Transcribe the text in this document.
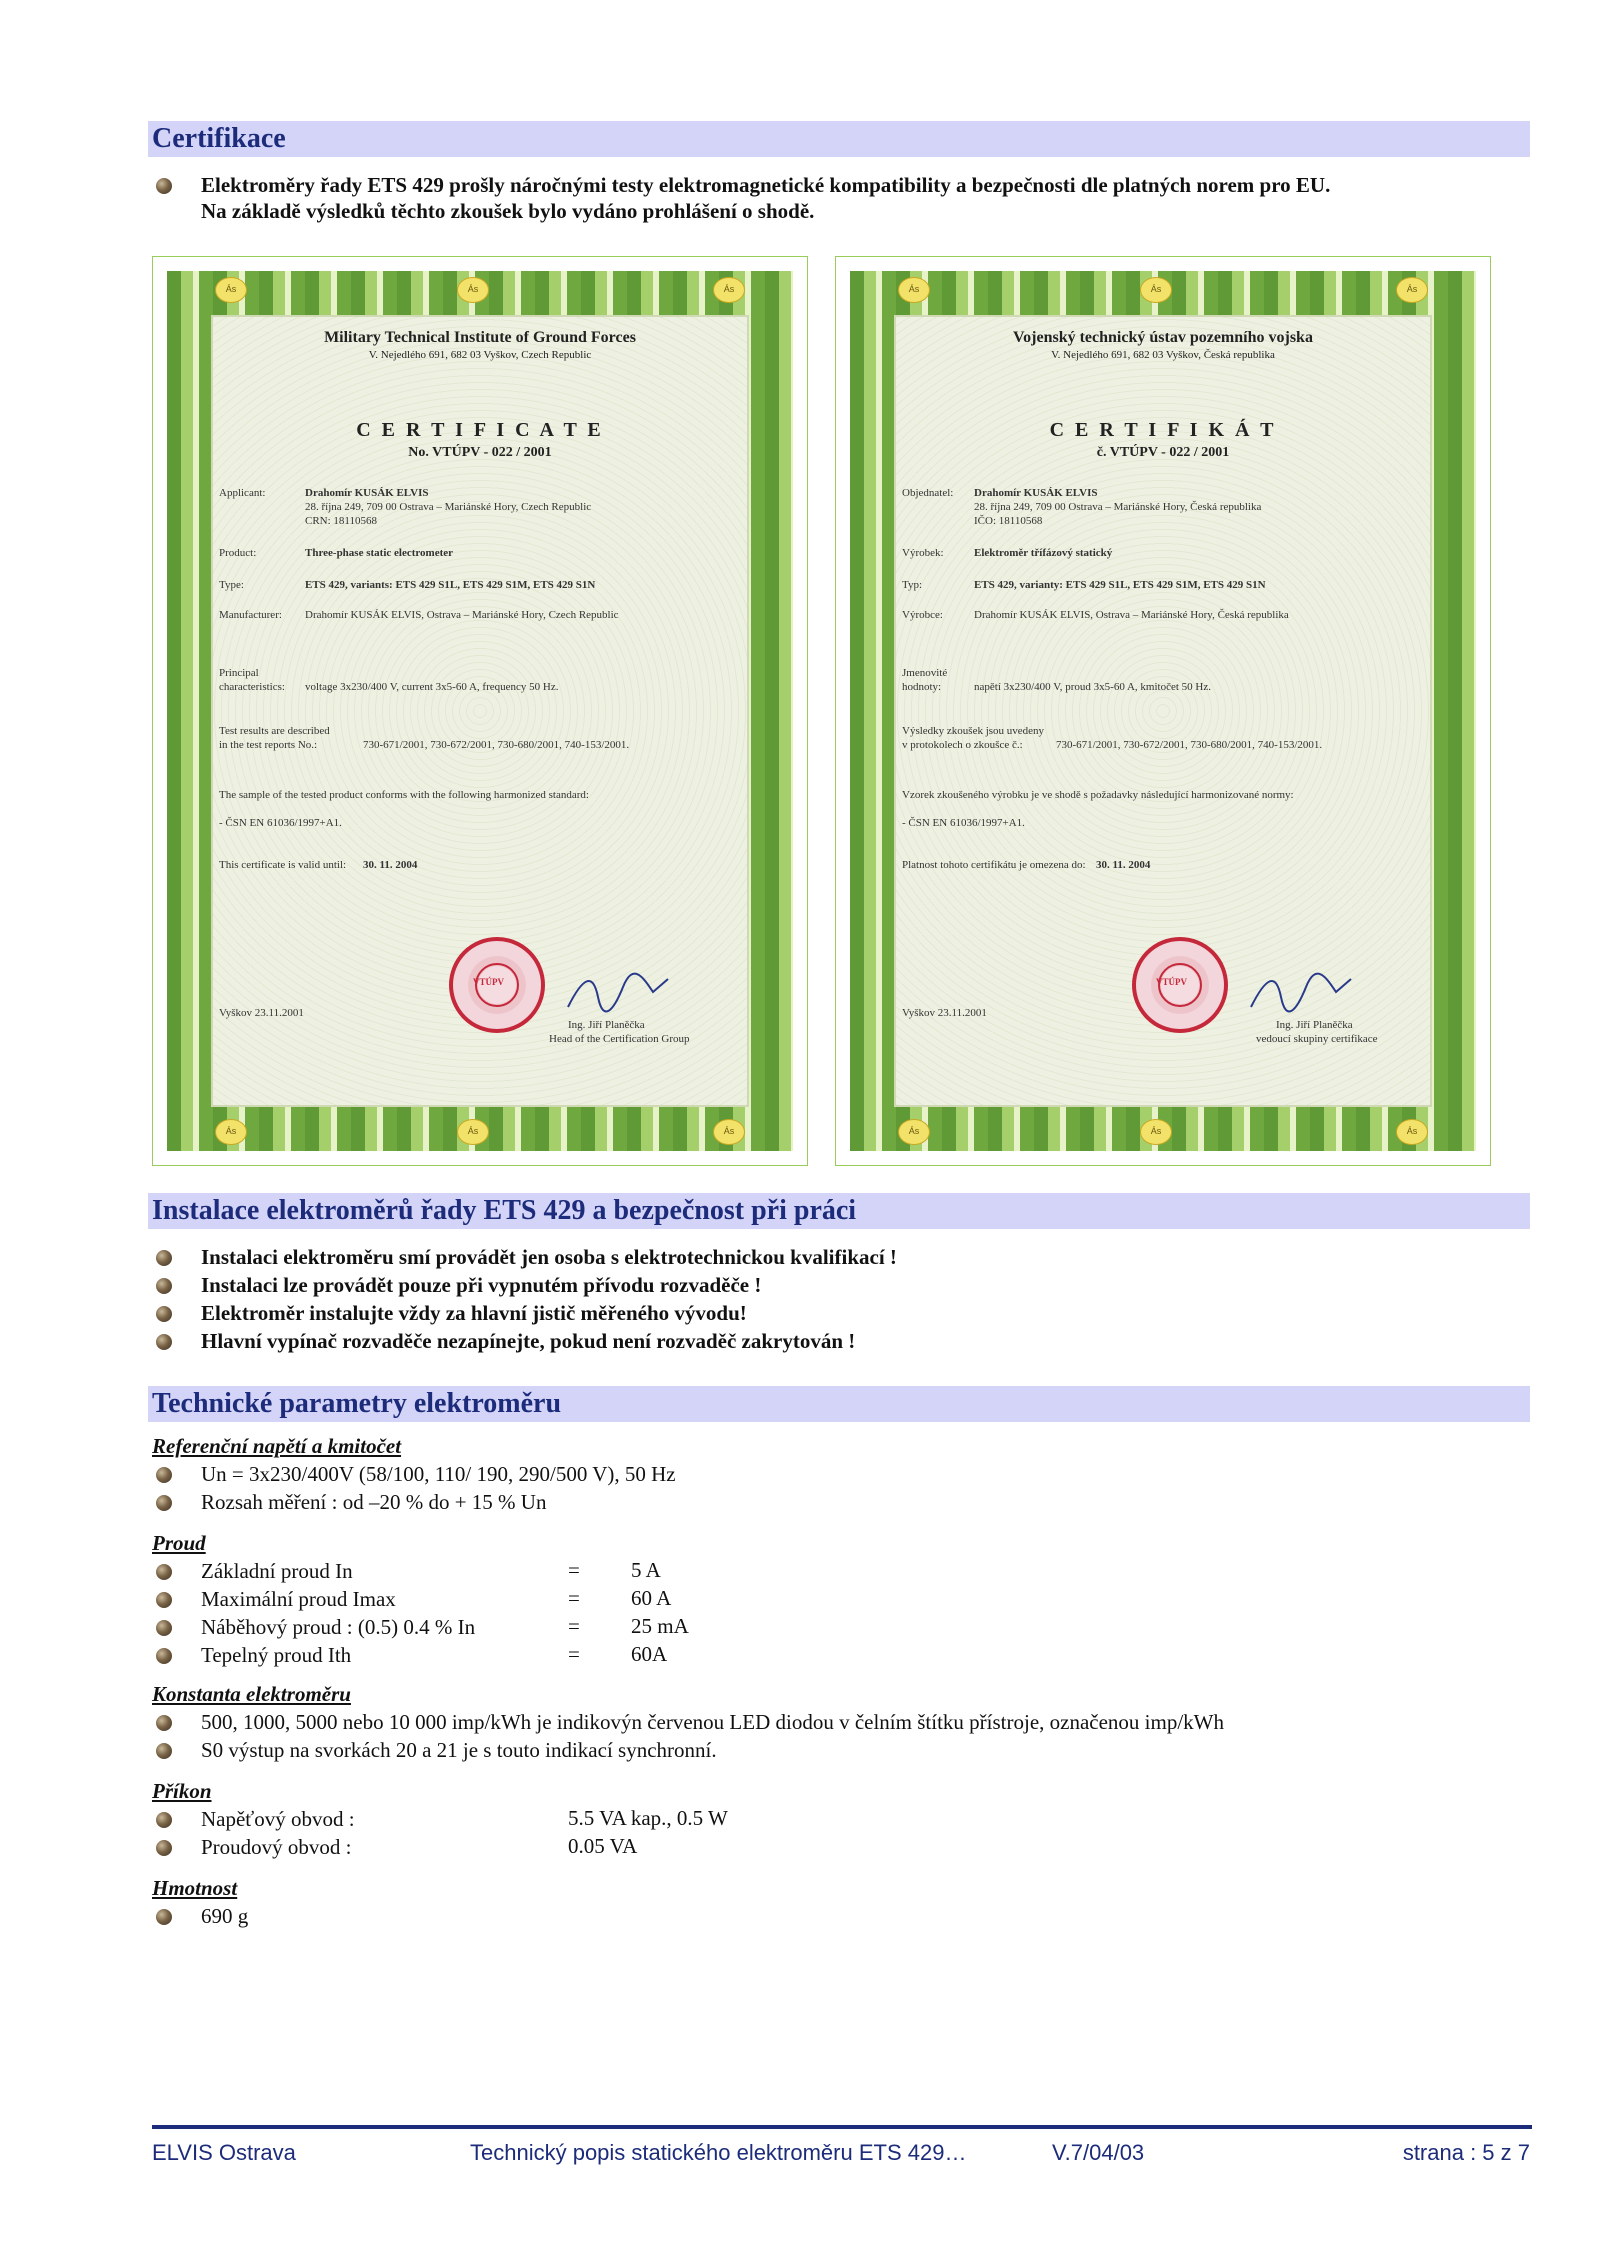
Certifikace
Elektroměry řady ETS 429 prošly náročnými testy elektromagnetické kompatibility a bezpečnosti dle platných norem pro EU.
Na základě výsledků těchto zkoušek bylo vydáno prohlášení o shodě.
Ás	Ás	Ás
Ás	Ás	Ás
Military Technical Institute of Ground Forces
V. Nejedlého 691, 682 03 Vyškov, Czech Republic
C E R T I F I C A T E
No. VTÚPV - 022 / 2001
Applicant:	Drahomír KUSÁK ELVIS
28. října 249, 709 00 Ostrava – Mariánské Hory, Czech Republic
CRN: 18110568
Product:	Three-phase static electrometer
Type:	ETS 429, variants: ETS 429 S1L, ETS 429 S1M, ETS 429 S1N
Manufacturer: Drahomír KUSÁK ELVIS, Ostrava – Mariánské Hory, Czech Republic
Principal
characteristics: voltage 3x230/400 V, current 3x5-60 A, frequency 50 Hz.
Test results are described
in the test reports No.:	730-671/2001, 730-672/2001, 730-680/2001, 740-153/2001.
The sample of the tested product conforms with the following harmonized standard:
- ČSN EN 61036/1997+A1.
This certificate is valid until: 30. 11. 2004
VTÚPV
Vyškov 23.11.2001
Ing. Jiří Planěčka
Head of the Certification Group
Ás	Ás	Ás
Ás	Ás	Ás
Vojenský technický ústav pozemního vojska
V. Nejedlého 691, 682 03 Vyškov, Česká republika
C E R T I F I K Á T
č. VTÚPV - 022 / 2001
Objednatel: Drahomír KUSÁK ELVIS
28. října 249, 709 00 Ostrava – Mariánské Hory, Česká republika
IČO: 18110568
Výrobek:	Elektroměr třífázový statický
Typ:	ETS 429, varianty: ETS 429 S1L, ETS 429 S1M, ETS 429 S1N
Výrobce:	Drahomír KUSÁK ELVIS, Ostrava – Mariánské Hory, Česká republika
Jmenovité
hodnoty:	napětí 3x230/400 V, proud 3x5-60 A, kmitočet 50 Hz.
Výsledky zkoušek jsou uvedeny
v protokolech o zkoušce č.:	730-671/2001, 730-672/2001, 730-680/2001, 740-153/2001.
Vzorek zkoušeného výrobku je ve shodě s požadavky následující harmonizované normy:
- ČSN EN 61036/1997+A1.
Platnost tohoto certifikátu je omezena do: 30. 11. 2004
VTÚPV
Vyškov 23.11.2001
Ing. Jiří Planěčka
vedoucí skupiny certifikace
Instalace elektroměrů řady ETS 429 a bezpečnost při práci
Instalaci elektroměru smí provádět jen osoba s elektrotechnickou kvalifikací !
Instalaci lze provádět pouze při vypnutém přívodu rozvaděče !
Elektroměr instalujte vždy za hlavní jistič měřeného vývodu!
Hlavní vypínač rozvaděče nezapínejte, pokud není rozvaděč zakrytován !
Technické parametry elektroměru
Referenční napětí a kmitočet
Un = 3x230/400V (58/100, 110/ 190, 290/500 V), 50 Hz
Rozsah měření : od –20 % do + 15 % Un
Proud
Základní proud In	= 5 A
Maximální proud Imax	= 60 A
Náběhový proud : (0.5) 0.4 % In	= 25 mA
Tepelný proud Ith	= 60A
Konstanta elektroměru
500, 1000, 5000 nebo 10 000 imp/kWh je indikovýn červenou LED diodou v čelním štítku přístroje, označenou imp/kWh
S0 výstup na svorkách 20 a 21 je s touto indikací synchronní.
Příkon
Napěťový obvod :	5.5 VA kap., 0.5 W
Proudový obvod :	0.05 VA
Hmotnost
690 g
ELVIS Ostrava	Technický popis statického elektroměru ETS 429…	V.7/04/03	strana : 5 z 7
